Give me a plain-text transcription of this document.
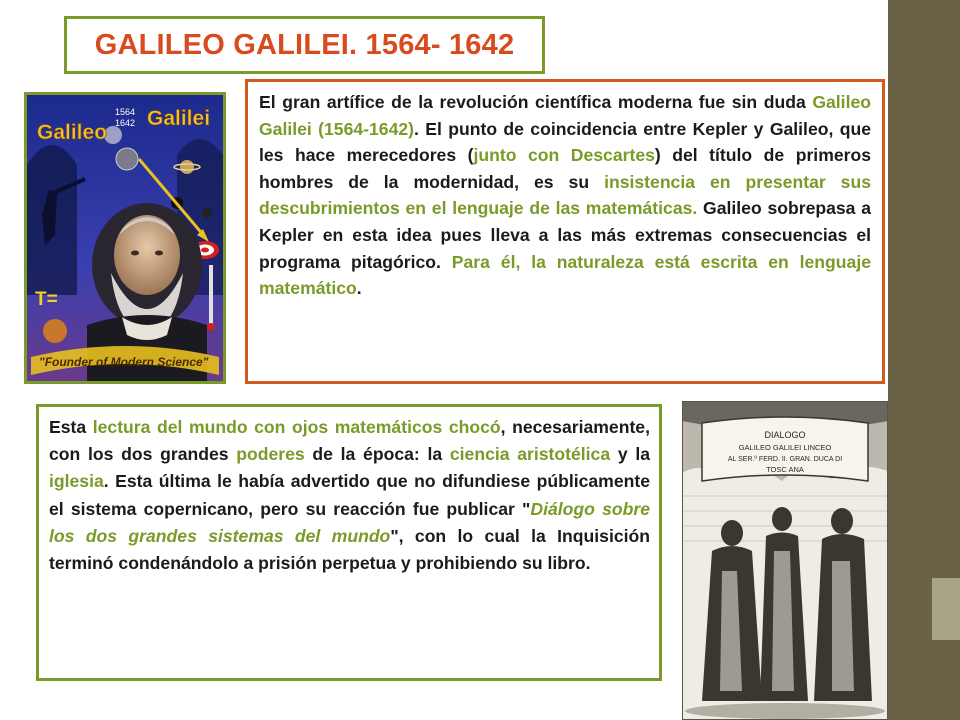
GALILEO GALILEI. 1564- 1642
Galileo
Galilei
1564
1642
T=
"Founder of Modern Science"
El gran artífice de la revolución científica moderna fue sin duda Galileo Galilei (1564-1642). El punto de coincidencia entre Kepler y Galileo, que les hace merecedores (junto con Descartes) del título de primeros hombres de la modernidad, es su insistencia en presentar sus descubrimientos en el lenguaje de las matemáticas. Galileo sobrepasa a Kepler en esta idea pues lleva a las más extremas consecuencias el programa pitagórico. Para él, la naturaleza está escrita en lenguaje matemático.
Esta lectura del mundo con ojos matemáticos chocó, necesariamente, con los dos grandes poderes de la época: la ciencia aristotélica y la iglesia. Esta última le había advertido que no difundiese públicamente el sistema copernicano, pero su reacción fue publicar "Diálogo sobre los dos grandes sistemas del mundo", con lo cual la Inquisición terminó condenándolo a prisión perpetua y prohibiendo su libro.
DIALOGO
GALILEO GALILEI LINCEO
AL SER.º FERD. II. GRAN. DUCA DI
TOSC ANA
